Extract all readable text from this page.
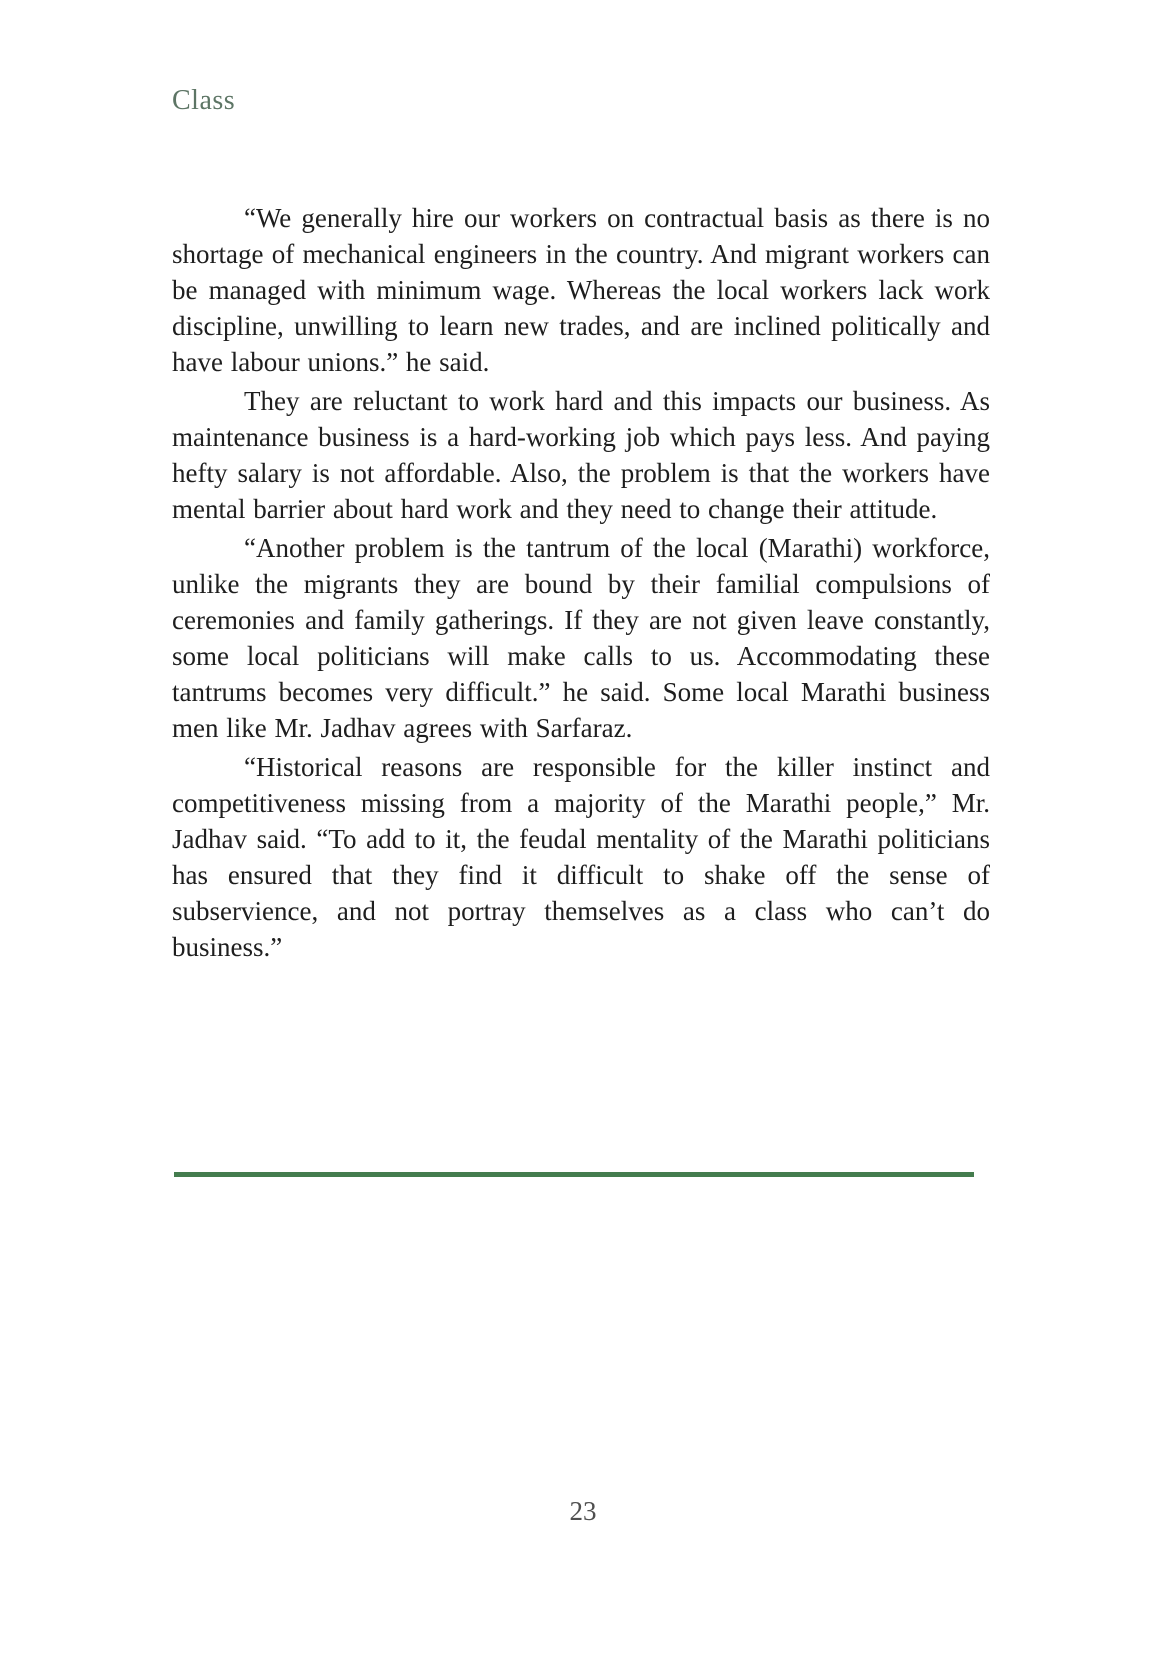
Class

“We generally hire our workers on contractual basis as there is no shortage of mechanical engineers in the country. And migrant workers can be managed with minimum wage. Whereas the local workers lack work discipline, unwilling to learn new trades, and are inclined politically and have labour unions.” he said.

They are reluctant to work hard and this impacts our business. As maintenance business is a hard-working job which pays less. And paying hefty salary is not affordable. Also, the problem is that the workers have mental barrier about hard work and they need to change their attitude.

“Another problem is the tantrum of the local (Marathi) workforce, unlike the migrants they are bound by their familial compulsions of ceremonies and family gatherings. If they are not given leave constantly, some local politicians will make calls to us. Accommodating these tantrums becomes very difficult.” he said. Some local Marathi business men like Mr. Jadhav agrees with Sarfaraz.

“Historical reasons are responsible for the killer instinct and competitiveness missing from a majority of the Marathi people,” Mr. Jadhav said. “To add to it, the feudal mentality of the Marathi politicians has ensured that they find it difficult to shake off the sense of subservience, and not portray themselves as a class who can’t do business.”

23
